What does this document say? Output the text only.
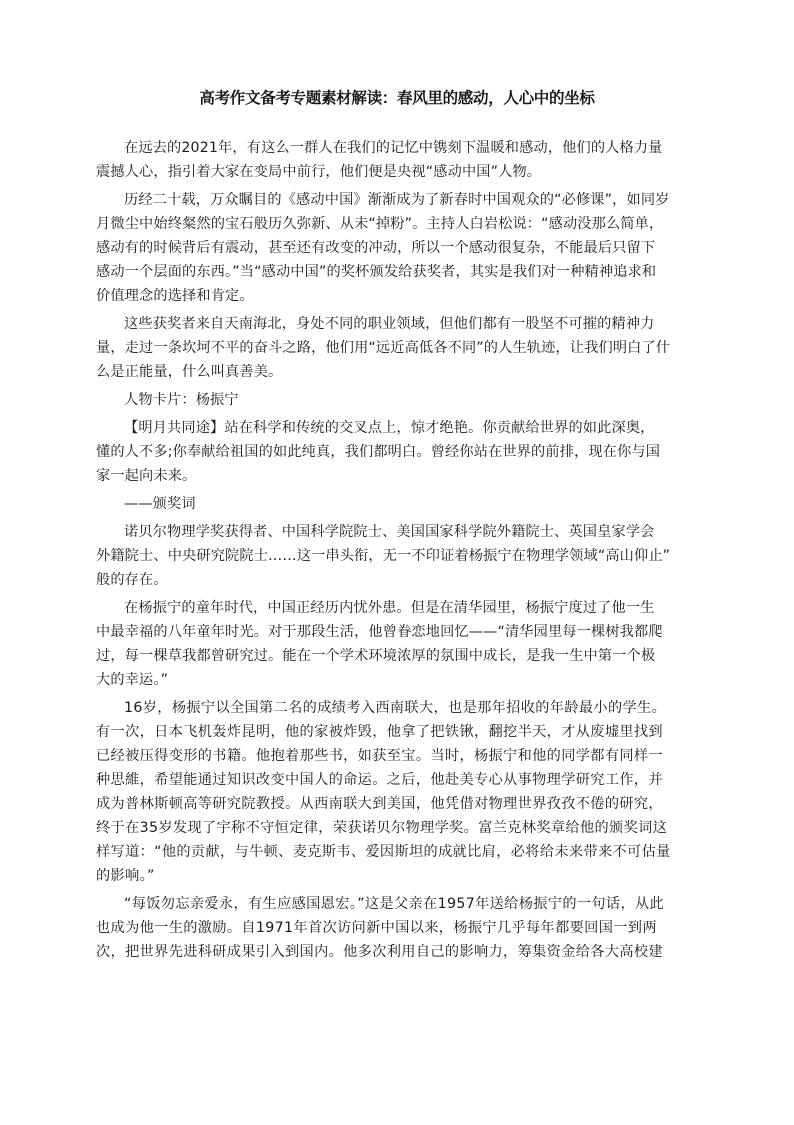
高考作文备考专题素材解读：春风里的感动，人心中的坐标
在远去的2021年，有这么一群人在我们的记忆中镌刻下温暖和感动，他们的人格力量
震撼人心，指引着大家在变局中前行，他们便是央视“感动中国”人物。
历经二十载，万众瞩目的《感动中国》渐渐成为了新春时中国观众的“必修课”，如同岁
月微尘中始终粲然的宝石般历久弥新、从未“掉粉”。主持人白岩松说：“感动没那么简单，
感动有的时候背后有震动，甚至还有改变的冲动，所以一个感动很复杂，不能最后只留下
感动一个层面的东西。”当“感动中国”的奖杯颁发给获奖者，其实是我们对一种精神追求和
价值理念的选择和肯定。
这些获奖者来自天南海北，身处不同的职业领域，但他们都有一股坚不可摧的精神力
量，走过一条坎坷不平的奋斗之路，他们用“远近高低各不同”的人生轨迹，让我们明白了什
么是正能量，什么叫真善美。
人物卡片：杨振宁
【明月共同途】站在科学和传统的交叉点上，惊才绝艳。你贡献给世界的如此深奥，
懂的人不多;你奉献给祖国的如此纯真，我们都明白。曾经你站在世界的前排，现在你与国
家一起向未来。
——颁奖词
诺贝尔物理学奖获得者、中国科学院院士、美国国家科学院外籍院士、英国皇家学会
外籍院士、中央研究院院士……这一串头衔，无一不印证着杨振宁在物理学领域“高山仰止”
般的存在。
在杨振宁的童年时代，中国正经历内忧外患。但是在清华园里，杨振宁度过了他一生
中最幸福的八年童年时光。对于那段生活，他曾眷恋地回忆——“清华园里每一棵树我都爬
过，每一棵草我都曾研究过。能在一个学术环境浓厚的氛围中成长，是我一生中第一个极
大的幸运。”
16岁，杨振宁以全国第二名的成绩考入西南联大，也是那年招收的年龄最小的学生。
有一次，日本飞机轰炸昆明，他的家被炸毁，他拿了把铁锹，翻挖半天，才从废墟里找到
已经被压得变形的书籍。他抱着那些书，如获至宝。当时，杨振宁和他的同学都有同样一
种思維，希望能通过知识改变中国人的命运。之后，他赴美专心从事物理学研究工作，并
成为普林斯顿高等研究院教授。从西南联大到美国，他凭借对物理世界孜孜不倦的研究，
终于在35岁发现了宇称不守恒定律，荣获诺贝尔物理学奖。富兰克林奖章给他的颁奖词这
样写道：“他的贡献，与牛顿、麦克斯韦、爱因斯坦的成就比肩，必将给未来带来不可估量
的影响。”
“每饭勿忘亲爱永，有生应感国恩宏。”这是父亲在1957年送给杨振宁的一句话，从此
也成为他一生的激励。自1971年首次访问新中国以来，杨振宁几乎每年都要回国一到两
次，把世界先进科研成果引入到国内。他多次利用自己的影响力，筹集资金给各大高校建
